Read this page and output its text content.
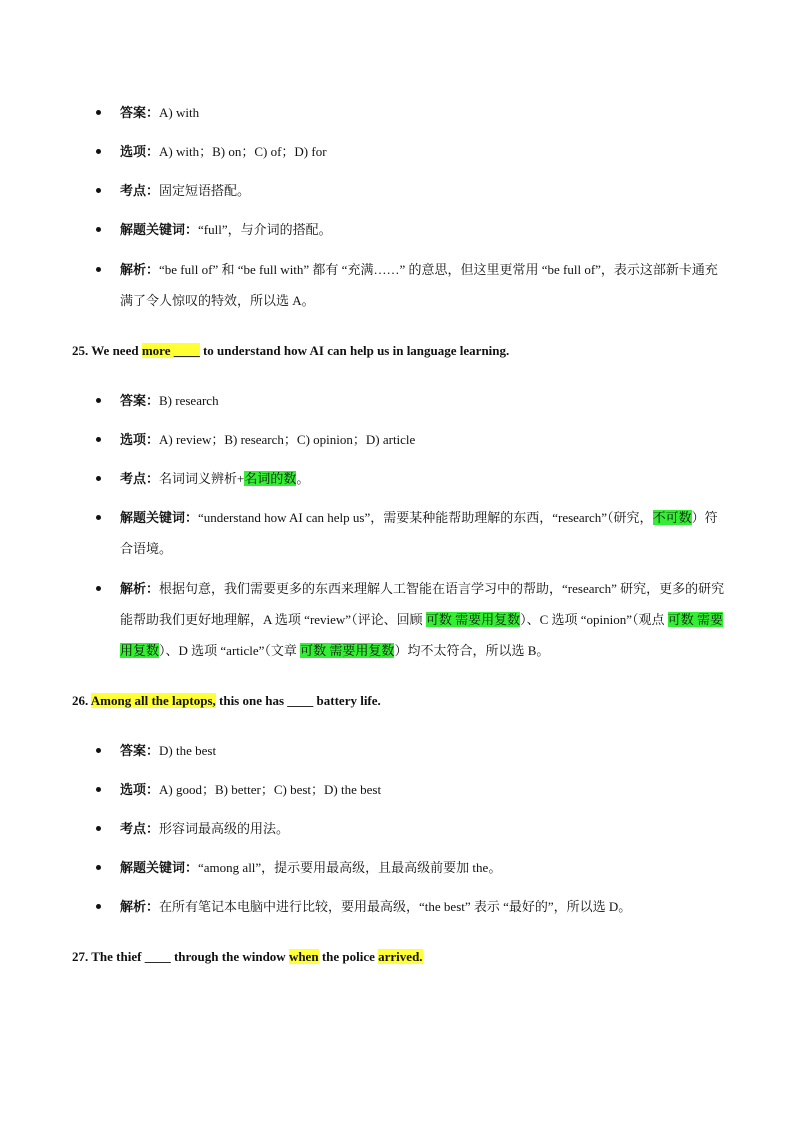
答案：A) with
选项：A) with；B) on；C) of；D) for
考点：固定短语搭配。
解题关键词：“full”，与介词的搭配。
解析：“be full of” 和 “be full with” 都有 “充满……” 的意思，但这里更常用 “be full of”，表示这部新卡通充满了令人惊叹的特效，所以选 A。
25. We need more ____ to understand how AI can help us in language learning.
答案：B) research
选项：A) review；B) research；C) opinion；D) article
考点：名词词义辨析+名词的数。
解题关键词：“understand how AI can help us”，需要某种能帮助理解的东西，“research”（研究，不可数）符合语境。
解析：根据句意，我们需要更多的东西来理解人工智能在语言学习中的帮助，“research” 研究，更多的研究能帮助我们更好地理解，A 选项 “review”（评论、回顾 可数 需要用复数）、C 选项 “opinion”（观点 可数 需要用复数）、D 选项 “article”（文章 可数 需要用复数）均不太符合，所以选 B。
26. Among all the laptops, this one has ____ battery life.
答案：D) the best
选项：A) good；B) better；C) best；D) the best
考点：形容词最高级的用法。
解题关键词：“among all”，提示要用最高级，且最高级前要加 the。
解析：在所有笔记本电脑中进行比较，要用最高级，“the best” 表示 “最好的”，所以选 D。
27. The thief ____ through the window when the police arrived.
